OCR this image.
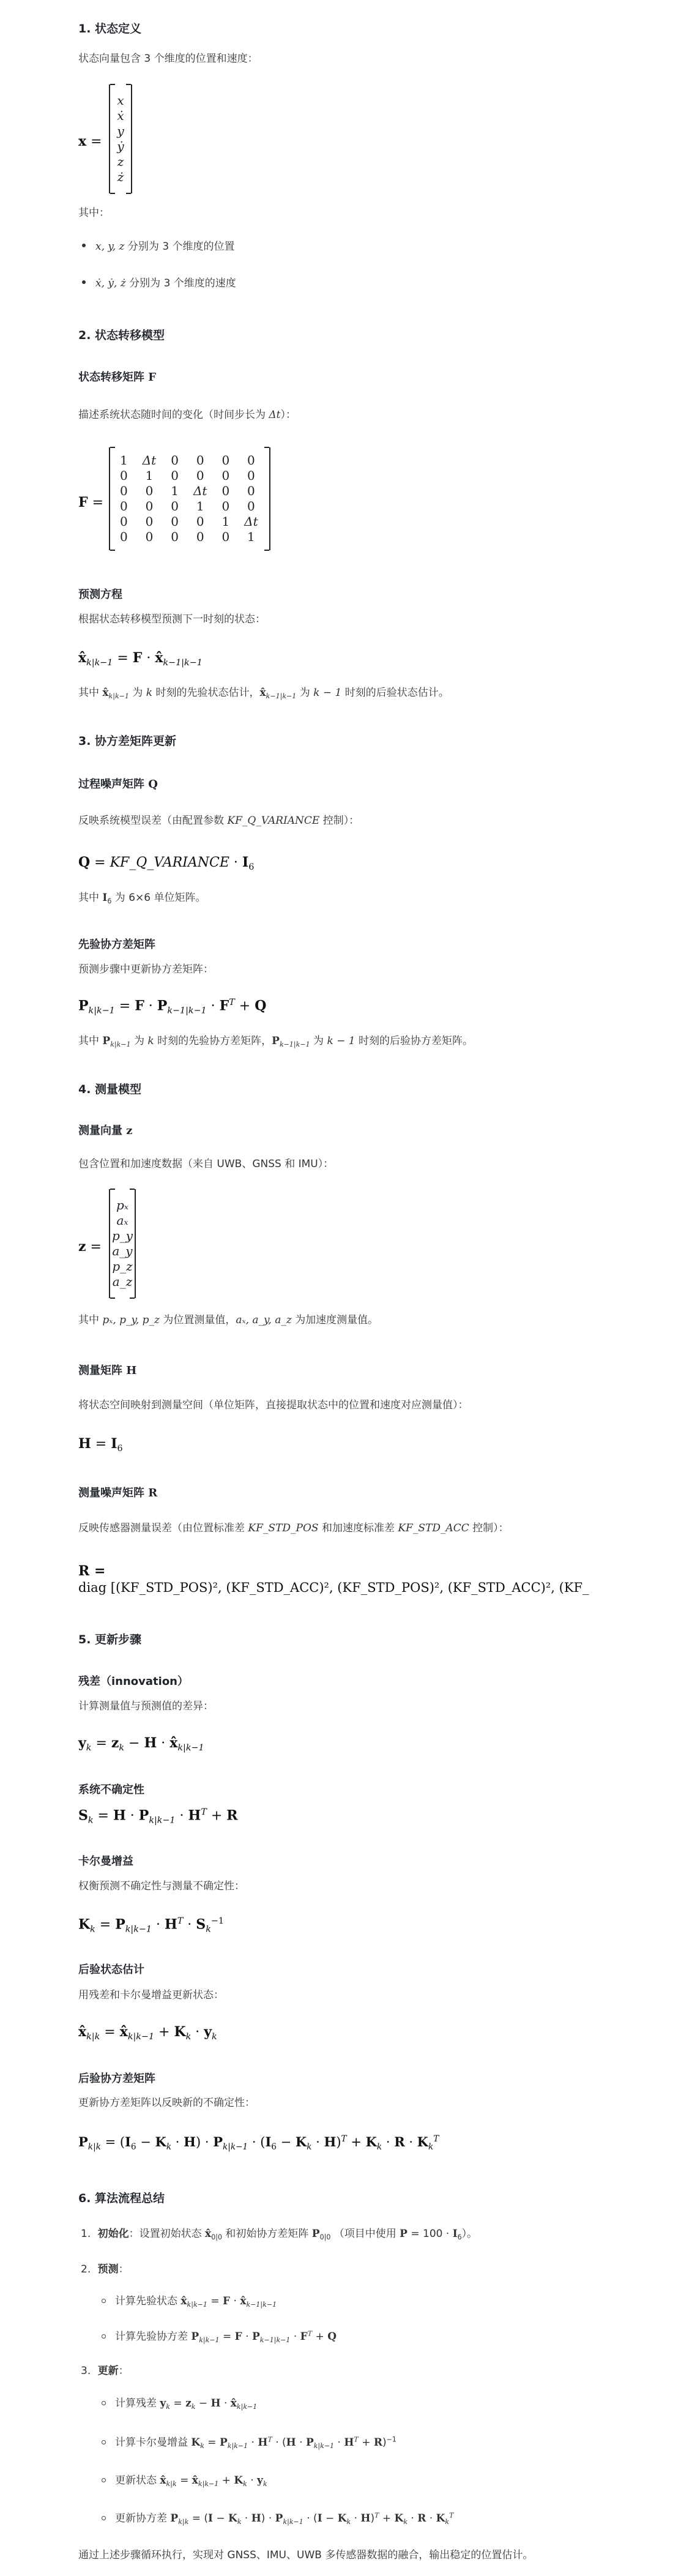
1. 状态定义
状态向量包含 3 个维度的位置和速度：
x =
x
ẋ
y
ẏ
z
ż
其中：
x, y, z 分别为 3 个维度的位置
ẋ, ẏ, ż 分别为 3 个维度的速度
2. 状态转移模型
状态转移矩阵 F
描述系统状态随时间的变化（时间步长为 Δt）：
F =
1	Δt	0	0	0	0
0	1	0	0	0	0
0	0	1	Δt	0	0
0	0	0	1	0	0
0	0	0	0	1	Δt
0	0	0	0	0	1
预测方程
根据状态转移模型预测下一时刻的状态：
$x̂_{k|k-1} = F$ · $x̂_{k-1|k-1}$
其中 $x̂_{k|k-1}$ 为 k 时刻的先验状态估计，$x̂_{k-1|k-1}$ 为 k − 1 时刻的后验状态估计。
3. 协方差矩阵更新
过程噪声矩阵 Q
反映系统模型误差（由配置参数 KF_Q_VARIANCE 控制）：
Q = KF_Q_VARIANCE · $I_6$
其中 $I_6$ 为 6×6 单位矩阵。
先验协方差矩阵
预测步骤中更新协方差矩阵：
$P_{k|k-1} = F \cdot P_{k-1|k-1} \cdot F^T + Q$
其中 $P_{k|k-1}$ 为 k 时刻的先验协方差矩阵，$P_{k-1|k-1}$ 为 k − 1 时刻的后验协方差矩阵。
4. 测量模型
测量向量 z
包含位置和加速度数据（来自 UWB、GNSS 和 IMU）：
z =
pₓ
aₓ
p_y
a_y
p_z
a_z
其中 pₓ, p_y, p_z 为位置测量值，aₓ, a_y, a_z 为加速度测量值。
测量矩阵 H
将状态空间映射到测量空间（单位矩阵，直接提取状态中的位置和速度对应测量值）：
$H = I_6$
测量噪声矩阵 R
反映传感器测量误差（由位置标准差 KF_STD_POS 和加速度标准差 KF_STD_ACC 控制）：
R =
diag [(KF_STD_POS)², (KF_STD_ACC)², (KF_STD_POS)², (KF_STD_ACC)², (KF_
5. 更新步骤
残差（innovation）
计算测量值与预测值的差异：
$y_k = z_k - H$ · $x̂_{k|k-1}$
系统不确定性
$S_k = H \cdot P_{k|k-1} \cdot H^T + R$
卡尔曼增益
权衡预测不确定性与测量不确定性：
$K_k = P_{k|k-1} \cdot H^T \cdot S_k^{-1}$
后验状态估计
用残差和卡尔曼增益更新状态：
$x̂_{k|k}$ = $x̂_{k|k-1} + K_k \cdot y_k$
后验协方差矩阵
更新协方差矩阵以反映新的不确定性：
$P_{k|k} = (I_6 - K_k \cdot H) \cdot P_{k|k-1} \cdot (I_6 - K_k \cdot H)^T + K_k \cdot R \cdot K_k^T$
6. 算法流程总结
1. 初始化：设置初始状态 $x̂_{0|0}$ 和初始协方差矩阵 $P_{0|0}$ （项目中使用 $P = 100 \cdot I_6$）。
2. 预测：
计算先验状态 $x̂_{k|k-1} = F$ · $x̂_{k-1|k-1}$
计算先验协方差 $P_{k|k-1} = F \cdot P_{k-1|k-1} \cdot F^T + Q$
3. 更新：
计算残差 $y_k = z_k - H$ · $x̂_{k|k-1}$
计算卡尔曼增益 $K_k = P_{k|k-1} \cdot H^T \cdot (H \cdot P_{k|k-1} \cdot H^T + R)^{-1}$
更新状态 $x̂_{k|k}$ = $x̂_{k|k-1} + K_k \cdot y_k$
更新协方差 $P_{k|k} = (I - K_k \cdot H) \cdot P_{k|k-1} \cdot (I - K_k \cdot H)^T + K_k \cdot R \cdot K_k^T$
通过上述步骤循环执行，实现对 GNSS、IMU、UWB 多传感器数据的融合，输出稳定的位置估计。
